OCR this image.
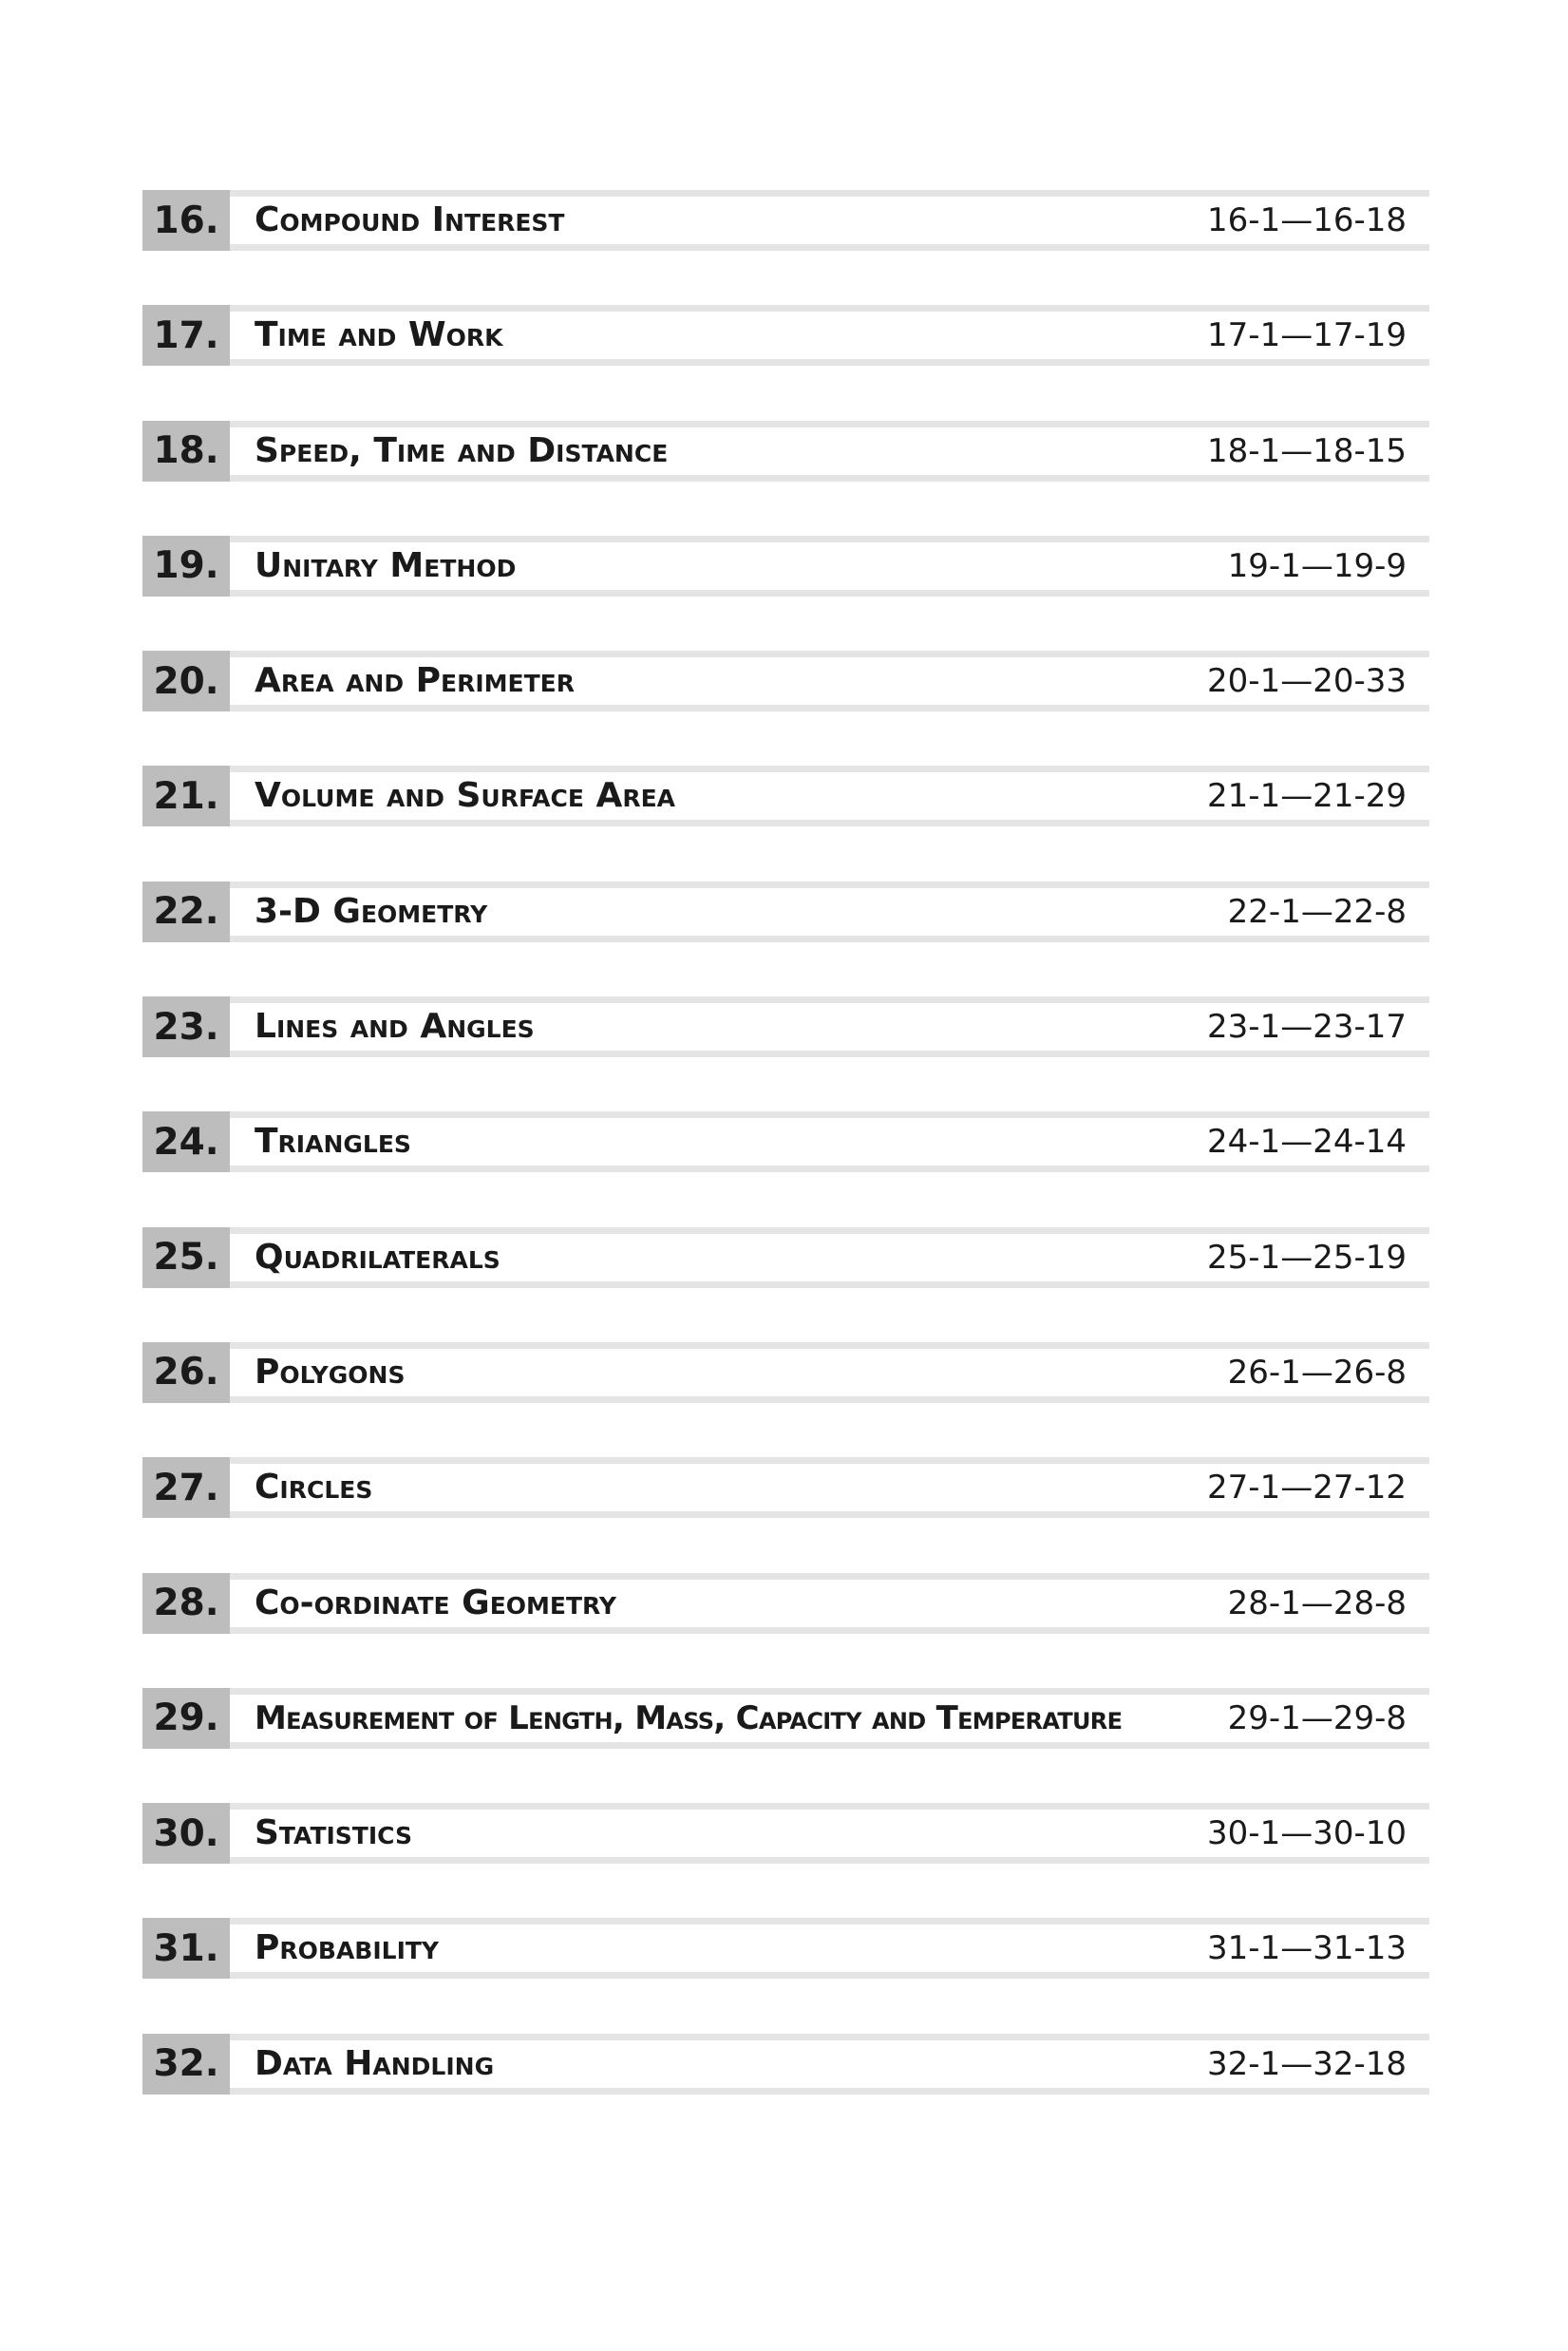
16. Compound Interest	16-1—16-18
17. Time and Work	17-1—17-19
18. Speed, Time and Distance	18-1—18-15
19. Unitary Method	19-1—19-9
20. Area and Perimeter	20-1—20-33
21. Volume and Surface Area	21-1—21-29
22. 3-D Geometry	22-1—22-8
23. Lines and Angles	23-1—23-17
24. Triangles	24-1—24-14
25. Quadrilaterals	25-1—25-19
26. Polygons	26-1—26-8
27. Circles	27-1—27-12
28. Co-ordinate Geometry	28-1—28-8
29. Measurement of Length, Mass, Capacity and Temperature	29-1—29-8
30. Statistics	30-1—30-10
31. Probability	31-1—31-13
32. Data Handling	32-1—32-18
